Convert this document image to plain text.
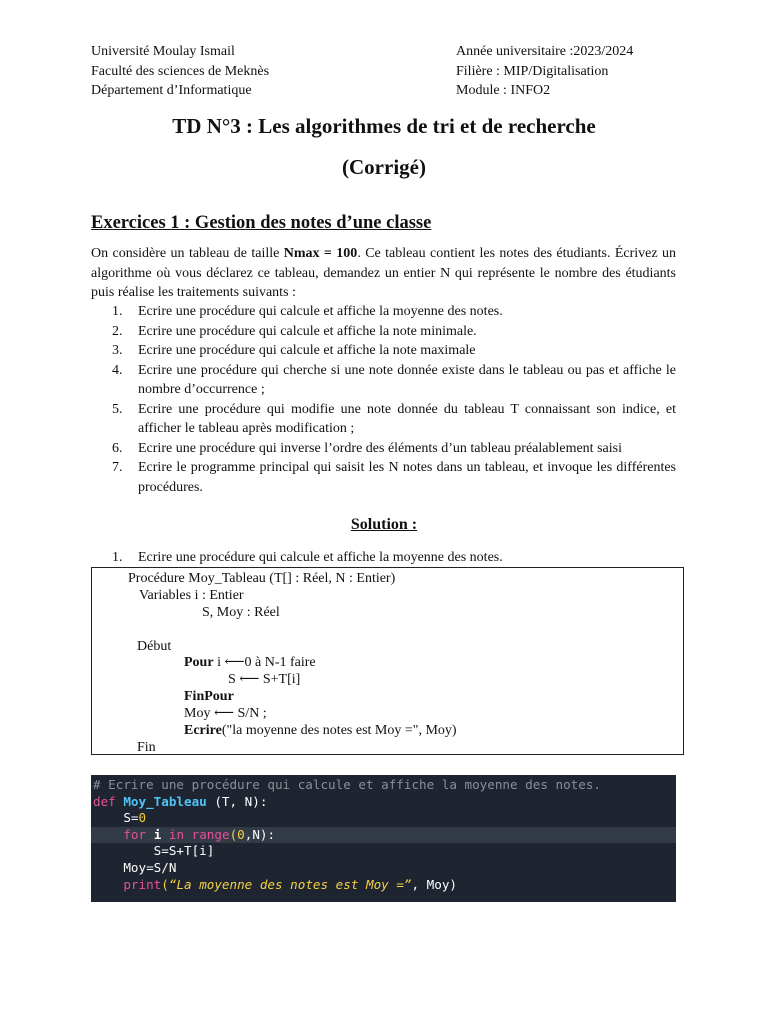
Université Moulay Ismail
Faculté des sciences de Meknès
Département d’Informatique
Année universitaire :2023/2024
Filière : MIP/Digitalisation
Module : INFO2
TD N°3 : Les algorithmes de tri et de recherche
(Corrigé)
Exercices 1 : Gestion des notes d’une classe
On considère un tableau de taille Nmax = 100. Ce tableau contient les notes des étudiants. Écrivez un algorithme où vous déclarez ce tableau, demandez un entier N qui représente le nombre des étudiants puis réalise les traitements suivants :
1. Ecrire une procédure qui calcule et affiche la moyenne des notes.
2. Ecrire une procédure qui calcule et affiche la note minimale.
3. Ecrire une procédure qui calcule et affiche la note maximale
4. Ecrire une procédure qui cherche si une note donnée existe dans le tableau ou pas et affiche le nombre d’occurrence ;
5. Ecrire une procédure qui modifie une note donnée du tableau T connaissant son indice, et afficher le tableau après modification ;
6. Ecrire une procédure qui inverse l’ordre des éléments d’un tableau préalablement saisi
7. Ecrire le programme principal qui saisit les N notes dans un tableau, et invoque les différentes procédures.
Solution :
1. Ecrire une procédure qui calcule et affiche la moyenne des notes.
Procédure Moy_Tableau (T[] : Réel, N : Entier)
Variables i : Entier
S, Moy : Réel
Début
Pour i ⟵0 à N-1 faire
S ⟵ S+T[i]
FinPour
Moy ⟵ S/N ;
Ecrire("la moyenne des notes est Moy =", Moy)
Fin
# Ecrire une procédure qui calcule et affiche la moyenne des notes.
def Moy_Tableau (T, N):
S=0
for i in range(0,N):
S=S+T[i]
Moy=S/N
print(“La moyenne des notes est Moy =”, Moy)
